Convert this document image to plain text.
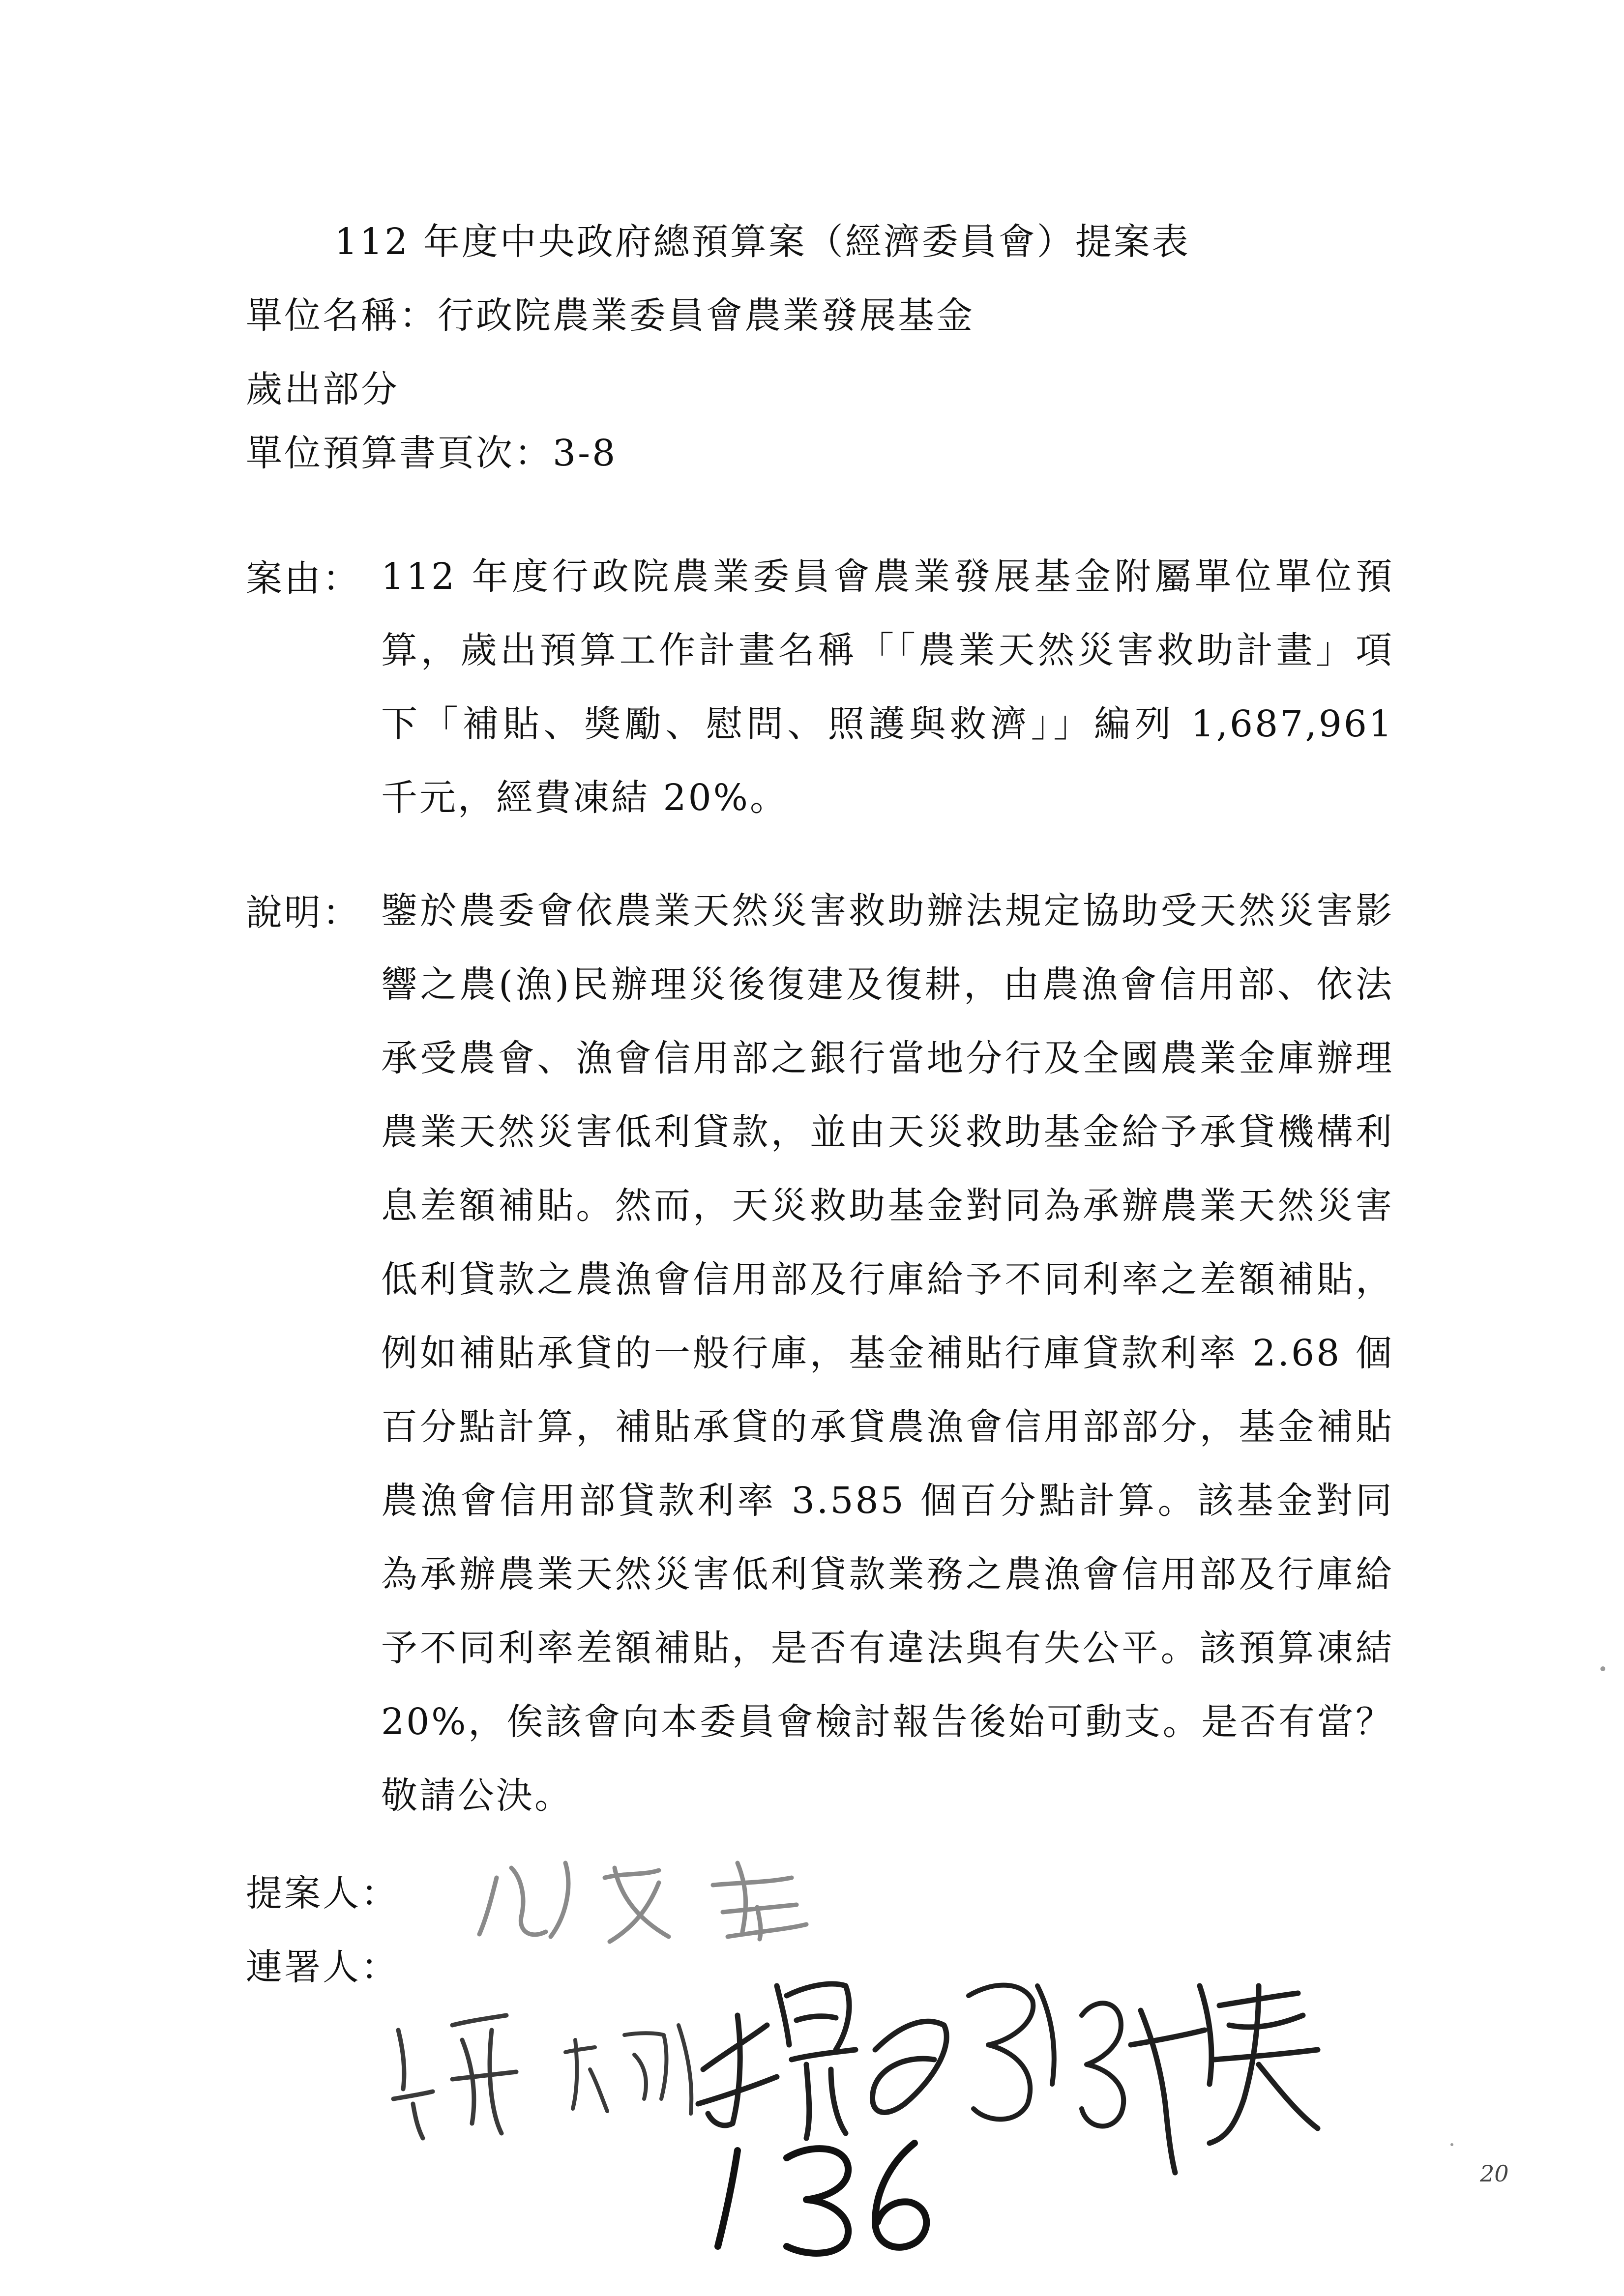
112 年度中央政府總預算案（經濟委員會）提案表
單位名稱：行政院農業委員會農業發展基金
歲出部分
單位預算書頁次：3-8
案由： 112 年度行政院農業委員會農業發展基金附屬單位單位預算，歲出預算工作計畫名稱「「農業天然災害救助計畫」項下「補貼、獎勵、慰問、照護與救濟」」編列 1,687,961 千元，經費凍結 20%。
說明： 鑒於農委會依農業天然災害救助辦法規定協助受天然災害影響之農(漁)民辦理災後復建及復耕，由農漁會信用部、依法承受農會、漁會信用部之銀行當地分行及全國農業金庫辦理農業天然災害低利貸款，並由天災救助基金給予承貸機構利息差額補貼。然而，天災救助基金對同為承辦農業天然災害低利貸款之農漁會信用部及行庫給予不同利率之差額補貼，例如補貼承貸的一般行庫，基金補貼行庫貸款利率 2.68 個百分點計算，補貼承貸的承貸農漁會信用部部分，基金補貼農漁會信用部貸款利率 3.585 個百分點計算。該基金對同為承辦農業天然災害低利貸款業務之農漁會信用部及行庫給予不同利率差額補貼，是否有違法與有失公平。該預算凍結 20%，俟該會向本委員會檢討報告後始可動支。是否有當？敬請公決。
提案人：
連署人：
20
